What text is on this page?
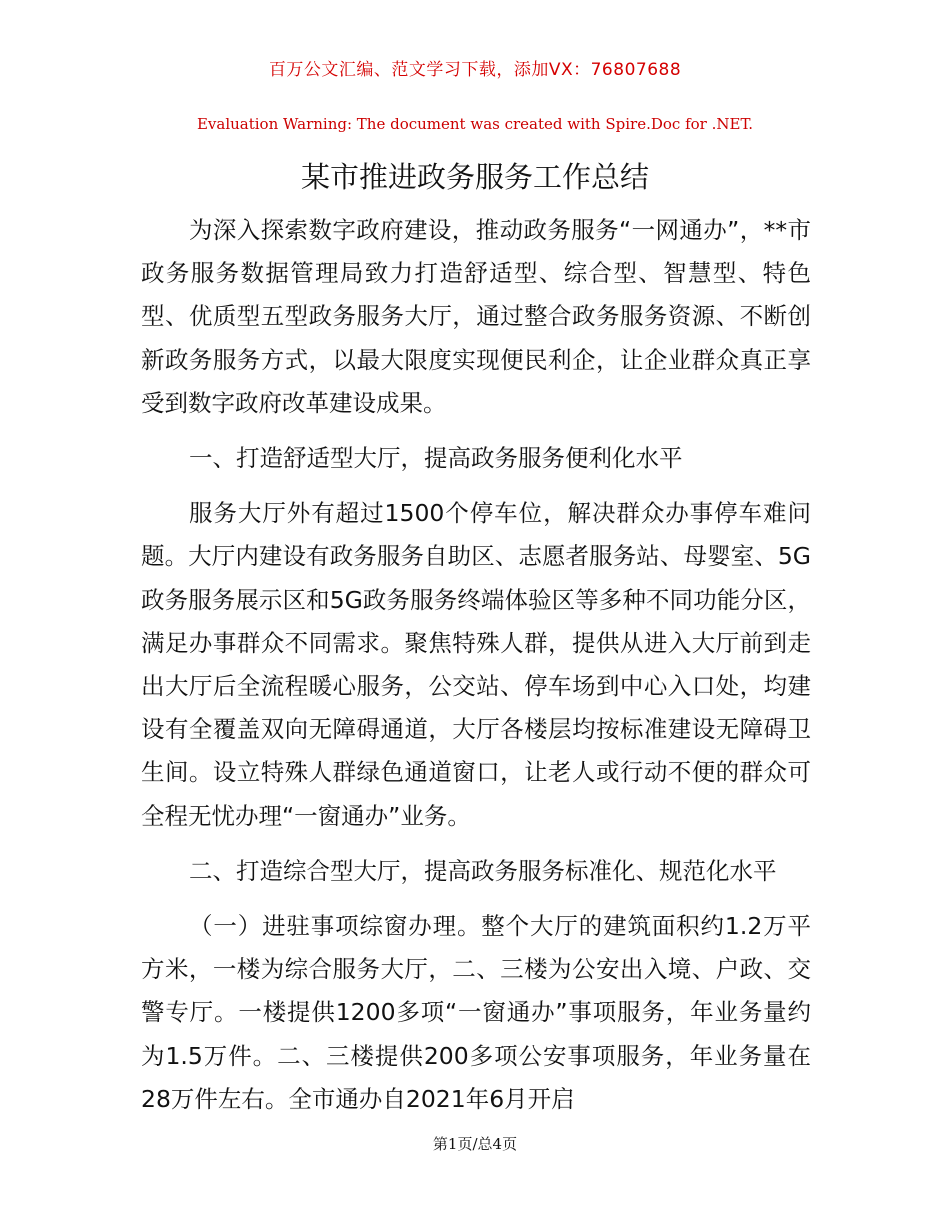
百万公文汇编、范文学习下载，添加VX：76807688
Evaluation Warning: The document was created with Spire.Doc for .NET.
某市推进政务服务工作总结

为深入探索数字政府建设，推动政务服务“一网通办”，**市政务服务数据管理局致力打造舒适型、综合型、智慧型、特色型、优质型五型政务服务大厅，通过整合政务服务资源、不断创新政务服务方式，以最大限度实现便民利企，让企业群众真正享受到数字政府改革建设成果。

一、打造舒适型大厅，提高政务服务便利化水平

服务大厅外有超过1500个停车位，解决群众办事停车难问题。大厅内建设有政务服务自助区、志愿者服务站、母婴室、5G政务服务展示区和5G政务服务终端体验区等多种不同功能分区，满足办事群众不同需求。聚焦特殊人群，提供从进入大厅前到走出大厅后全流程暖心服务，公交站、停车场到中心入口处，均建设有全覆盖双向无障碍通道，大厅各楼层均按标准建设无障碍卫生间。设立特殊人群绿色通道窗口，让老人或行动不便的群众可全程无忧办理“一窗通办”业务。

二、打造综合型大厅，提高政务服务标准化、规范化水平

（一）进驻事项综窗办理。整个大厅的建筑面积约1.2万平方米，一楼为综合服务大厅，二、三楼为公安出入境、户政、交警专厅。一楼提供1200多项“一窗通办”事项服务，年业务量约为1.5万件。二、三楼提供200多项公安事项服务，年业务量在28万件左右。全市通办自2021年6月开启

第1页/总4页
